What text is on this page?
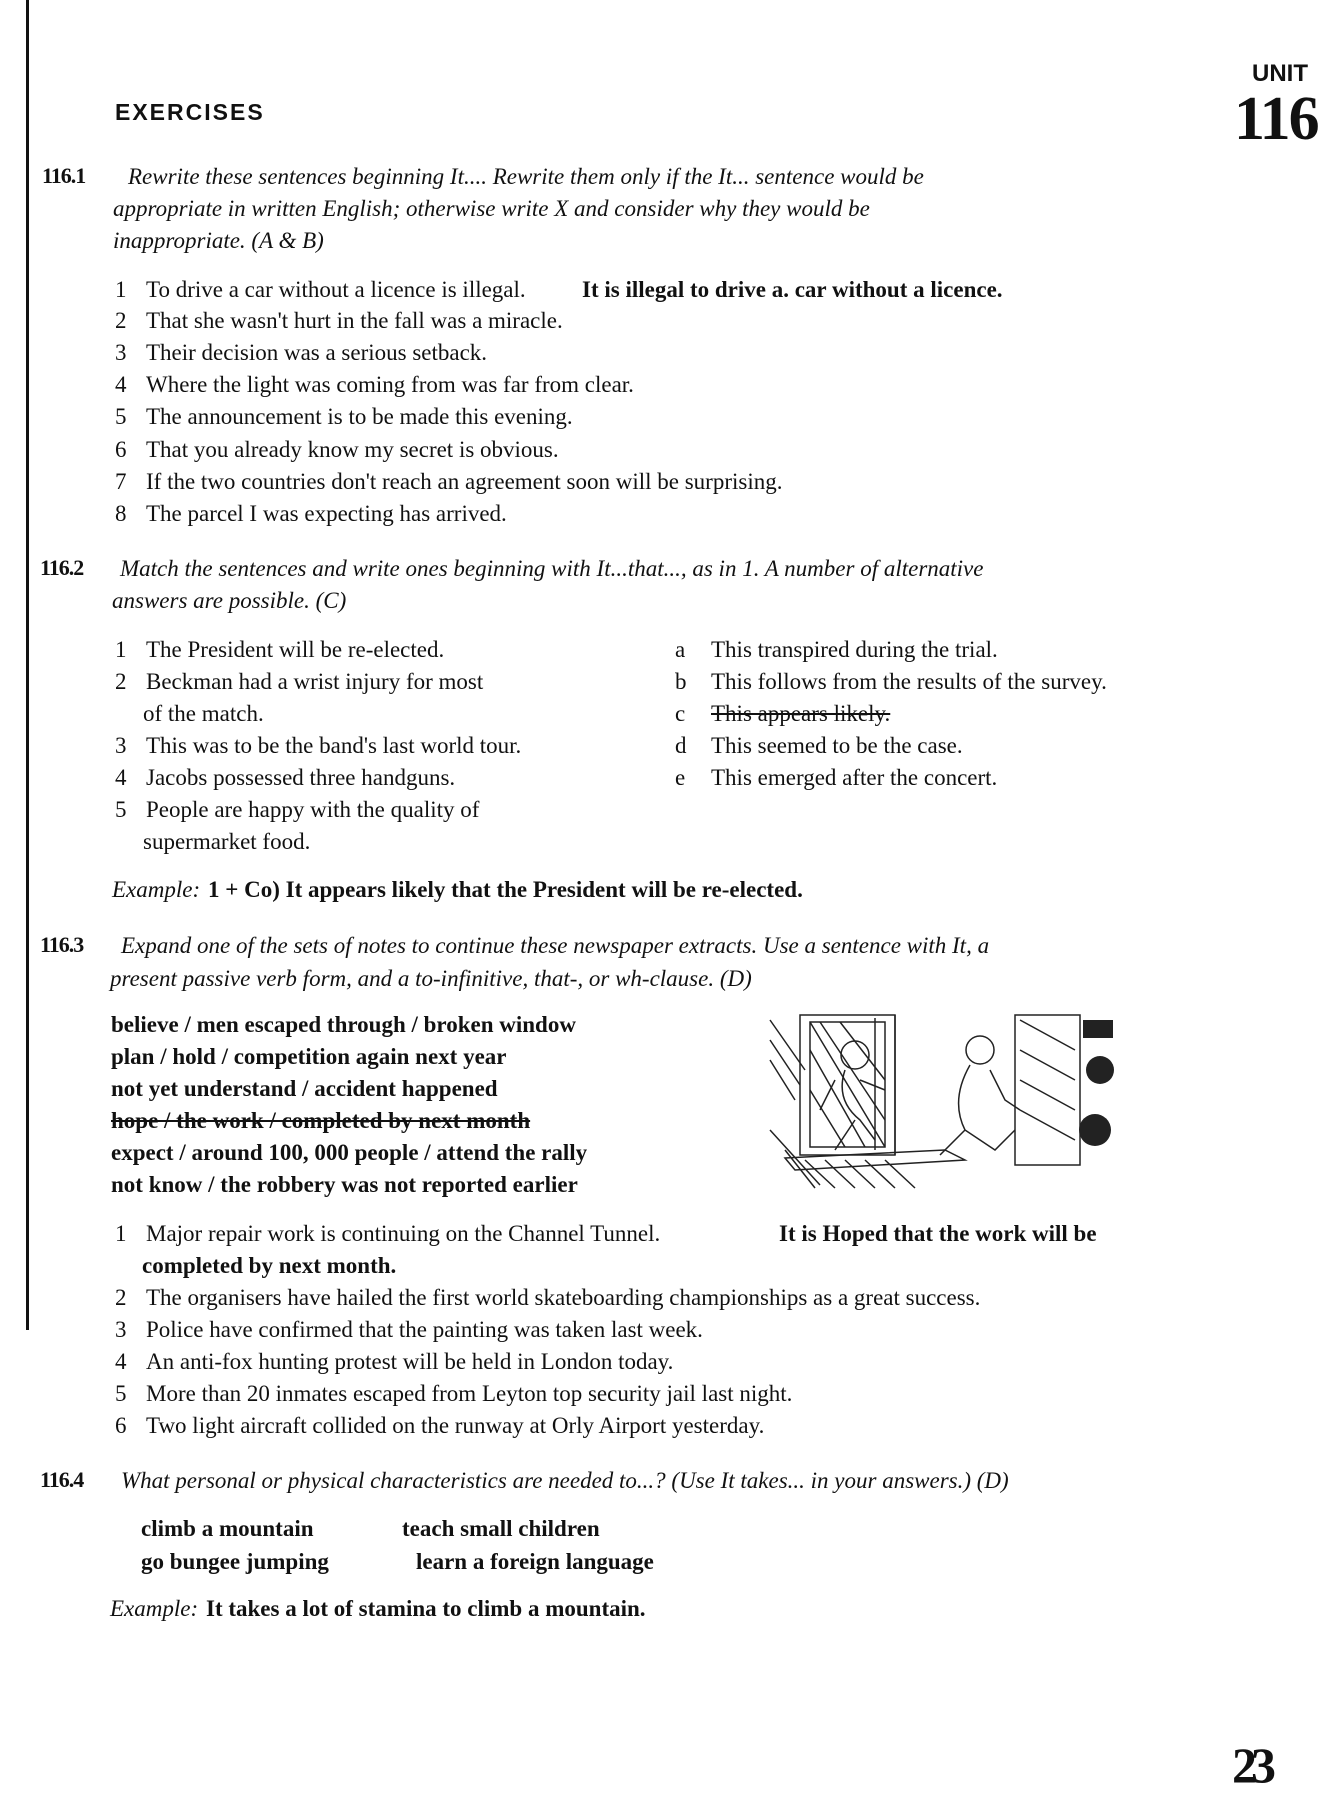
UNIT
116
EXERCISES
116.1 Rewrite these sentences beginning It.... Rewrite them only if the It... sentence would be
appropriate in written English; otherwise write X and consider why they would be
inappropriate. (A & B)
1 To drive a car without a licence is illegal. It is illegal to drive a. car without a licence.
2 That she wasn't hurt in the fall was a miracle.
3 Their decision was a serious setback.
4 Where the light was coming from was far from clear.
5 The announcement is to be made this evening.
6 That you already know my secret is obvious.
7 If the two countries don't reach an agreement soon will be surprising.
8 The parcel I was expecting has arrived.
116.2 Match the sentences and write ones beginning with It...that..., as in 1. A number of alternative
answers are possible. (C)
1 The President will be re-elected.
2 Beckman had a wrist injury for most
of the match.
3 This was to be the band's last world tour.
4 Jacobs possessed three handguns.
5 People are happy with the quality of
supermarket food.
a This transpired during the trial.
b This follows from the results of the survey.
c This appears likely.
d This seemed to be the case.
e This emerged after the concert.
Example: 1 + Co) It appears likely that the President will be re-elected.
116.3 Expand one of the sets of notes to continue these newspaper extracts. Use a sentence with It, a
present passive verb form, and a to-infinitive, that-, or wh-clause. (D)
believe / men escaped through / broken window
plan / hold / competition again next year
not yet understand / accident happened
hope / the work / completed by next month
expect / around 100, 000 people / attend the rally
not know / the robbery was not reported earlier
1 Major repair work is continuing on the Channel Tunnel.	It is Hoped that the work will be
completed by next month.
2 The organisers have hailed the first world skateboarding championships as a great success.
3 Police have confirmed that the painting was taken last week.
4 An anti-fox hunting protest will be held in London today.
5 More than 20 inmates escaped from Leyton top security jail last night.
6 Two light aircraft collided on the runway at Orly Airport yesterday.
116.4 What personal or physical characteristics are needed to...? (Use It takes... in your answers.) (D)
climb a mountain	teach small children
go bungee jumping	learn a foreign language
Example: It takes a lot of stamina to climb a mountain.
23
